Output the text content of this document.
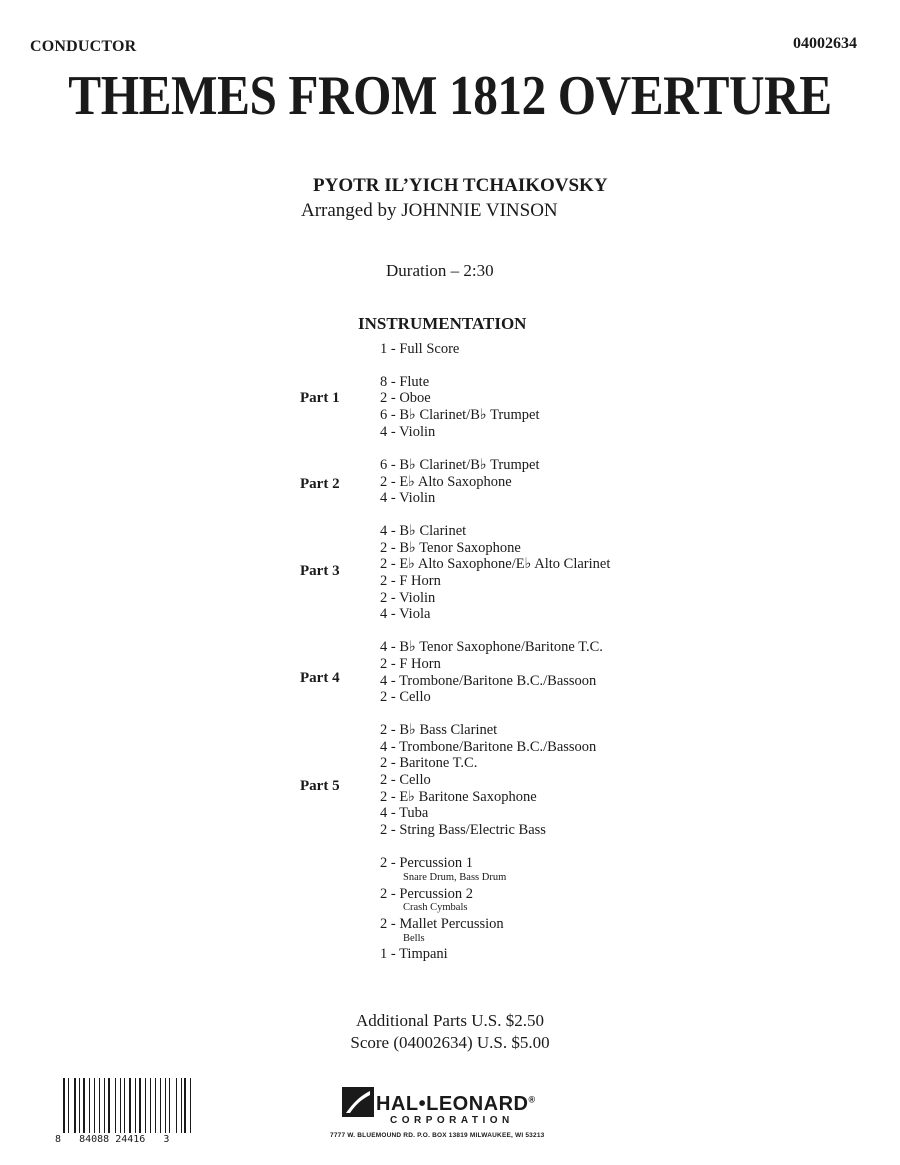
CONDUCTOR	04002634
THEMES FROM 1812 OVERTURE
PYOTR IL’YICH TCHAIKOVSKY
Arranged by JOHNNIE VINSON
Duration – 2:30
INSTRUMENTATION
1 - Full Score
Part 1
8 - Flute
2 - Oboe
6 - B♭ Clarinet/B♭ Trumpet
4 - Violin
Part 2
6 - B♭ Clarinet/B♭ Trumpet
2 - E♭ Alto Saxophone
4 - Violin
Part 3
4 - B♭ Clarinet
2 - B♭ Tenor Saxophone
2 - E♭ Alto Saxophone/E♭ Alto Clarinet
2 - F Horn
2 - Violin
4 - Viola
Part 4
4 - B♭ Tenor Saxophone/Baritone T.C.
2 - F Horn
4 - Trombone/Baritone B.C./Bassoon
2 - Cello
Part 5
2 - B♭ Bass Clarinet
4 - Trombone/Baritone B.C./Bassoon
2 - Baritone T.C.
2 - Cello
2 - E♭ Baritone Saxophone
4 - Tuba
2 - String Bass/Electric Bass
2 - Percussion 1
Snare Drum, Bass Drum
2 - Percussion 2
Crash Cymbals
2 - Mallet Percussion
Bells
1 - Timpani
Additional Parts U.S. $2.50
Score (04002634) U.S. $5.00
8   84088 24416   3
HAL•LEONARD®
CORPORATION
7777 W. BLUEMOUND RD. P.O. BOX 13819 MILWAUKEE, WI 53213
